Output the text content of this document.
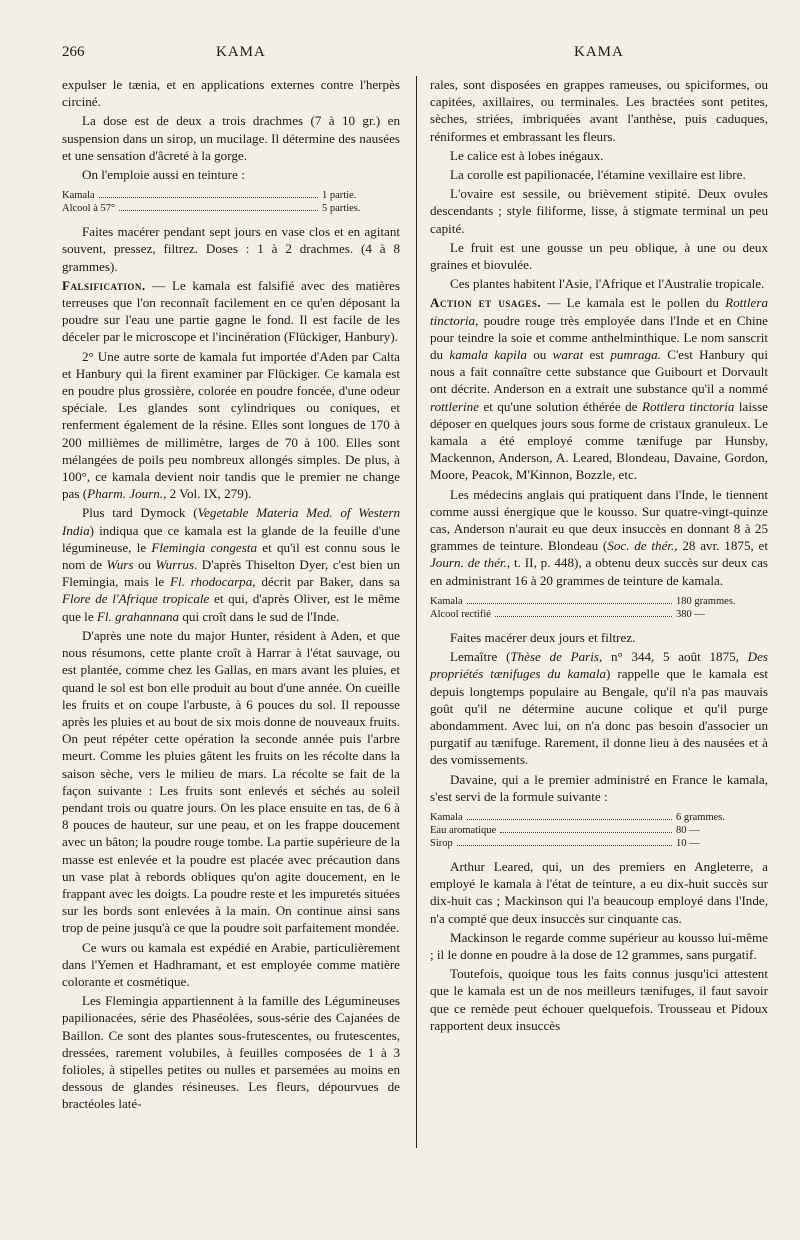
266	KAMA	KAMA

expulser le tænia, et en applications externes contre l'herpès circiné.

La dose est de deux a trois drachmes (7 à 10 gr.) en suspension dans un sirop, un mucilage. Il détermine des nausées et une sensation d'âcreté à la gorge.

On l'emploie aussi en teinture :

Kamala	1 partie.
Alcool à 57°	5 parties.

Faites macérer pendant sept jours en vase clos et en agitant souvent, pressez, filtrez. Doses : 1 à 2 drachmes. (4 à 8 grammes).

Falsification. — Le kamala est falsifié avec des matières terreuses que l'on reconnaît facilement en ce qu'en déposant la poudre sur l'eau une partie gagne le fond. Il est facile de les déceler par le microscope et l'incinération (Flückiger, Hanbury).

2° Une autre sorte de kamala fut importée d'Aden par Calta et Hanbury qui la firent examiner par Flückiger. Ce kamala est en poudre plus grossière, colorée en poudre foncée, d'une odeur spéciale. Les glandes sont cylindriques ou coniques, et renferment également de la résine. Elles sont longues de 170 à 200 millièmes de millimètre, larges de 70 à 100. Elles sont mélangées de poils peu nombreux allongés simples. De plus, à 100°, ce kamala devient noir tandis que le premier ne change pas (Pharm. Journ., 2 Vol. IX, 279).

Plus tard Dymock (Vegetable Materia Med. of Western India) indiqua que ce kamala est la glande de la feuille d'une légumineuse, le Flemingia congesta et qu'il est connu sous le nom de Wurs ou Wurrus. D'après Thiselton Dyer, c'est bien un Flemingia, mais le Fl. rhodocarpa, décrit par Baker, dans sa Flore de l'Afrique tropicale et qui, d'après Oliver, est le même que le Fl. grahannana qui croît dans le sud de l'Inde.

D'après une note du major Hunter, résident à Aden, et que nous résumons, cette plante croît à Harrar à l'état sauvage, ou est plantée, comme chez les Gallas, en mars avant les pluies, et quand le sol est bon elle produit au bout d'une année. On cueille les fruits et on coupe l'arbuste, à 6 pouces du sol. Il repousse après les pluies et au bout de six mois donne de nouveaux fruits. On peut répéter cette opération la seconde année puis l'arbre meurt. Comme les pluies gâtent les fruits on les récolte dans la saison sèche, vers le milieu de mars. La récolte se fait de la façon suivante : Les fruits sont enlevés et séchés au soleil pendant trois ou quatre jours. On les place ensuite en tas, de 6 à 8 pouces de hauteur, sur une peau, et on les frappe doucement avec un bâton; la poudre rouge tombe. La partie supérieure de la masse est enlevée et la poudre est placée avec précaution dans un vase plat à rebords obliques qu'on agite doucement, en le frappant avec les doigts. La poudre reste et les impuretés situées sur les bords sont enlevées à la main. On continue ainsi sans trop de peine jusqu'à ce que la poudre soit parfaitement mondée.

Ce wurs ou kamala est expédié en Arabie, particulièrement dans l'Yemen et Hadhramant, et est employée comme matière colorante et cosmétique.

Les Flemingia appartiennent à la famille des Légumineuses papilionacées, série des Phaséolées, sous-série des Cajanées de Baillon. Ce sont des plantes sous-frutescentes, ou frutescentes, dressées, rarement volubiles, à feuilles composées de 1 à 3 folioles, à stipelles petites ou nulles et parsemées au moins en dessous de glandes résineuses. Les fleurs, dépourvues de bractéoles laté-

rales, sont disposées en grappes rameuses, ou spiciformes, ou capitées, axillaires, ou terminales. Les bractées sont petites, sèches, striées, imbriquées avant l'anthèse, puis caduques, réniformes et embrassant les fleurs.

Le calice est à lobes inégaux.

La corolle est papilionacée, l'étamine vexillaire est libre.

L'ovaire est sessile, ou brièvement stipité. Deux ovules descendants ; style filiforme, lisse, à stigmate terminal un peu capité.

Le fruit est une gousse un peu oblique, à une ou deux graines et biovulée.

Ces plantes habitent l'Asie, l'Afrique et l'Australie tropicale.

Action et usages. — Le kamala est le pollen du Rottlera tinctoria, poudre rouge très employée dans l'Inde et en Chine pour teindre la soie et comme anthelminthique. Le nom sanscrit du kamala kapila ou warat est pumraga. C'est Hanbury qui nous a fait connaître cette substance que Guibourt et Dorvault ont décrite. Anderson en a extrait une substance qu'il a nommé rottlerine et qu'une solution éthérée de Rottlera tinctoria laisse déposer en quelques jours sous forme de cristaux granuleux. Le kamala a été employé comme tænifuge par Hunsby, Mackennon, Anderson, A. Leared, Blondeau, Davaine, Gordon, Moore, Peacok, M'Kinnon, Bozzle, etc.

Les médecins anglais qui pratiquent dans l'Inde, le tiennent comme aussi énergique que le kousso. Sur quatre-vingt-quinze cas, Anderson n'aurait eu que deux insuccès en donnant 8 à 25 grammes de teinture. Blondeau (Soc. de thér., 28 avr. 1875, et Journ. de thér., t. II, p. 448), a obtenu deux succès sur deux cas en administrant 16 à 20 grammes de teinture de kamala.

Kamala	180 grammes.
Alcool rectifié	380 —

Faites macérer deux jours et filtrez.

Lemaître (Thèse de Paris, n° 344, 5 août 1875, Des propriétés tænifuges du kamala) rappelle que le kamala est depuis longtemps populaire au Bengale, qu'il n'a pas mauvais goût qu'il ne détermine aucune colique et qu'il purge abondamment. Avec lui, on n'a donc pas besoin d'associer un purgatif au tænifuge. Rarement, il donne lieu à des nausées et à des vomissements.

Davaine, qui a le premier administré en France le kamala, s'est servi de la formule suivante :

Kamala	6 grammes.
Eau aromatique	80 —
Sirop	10 —

Arthur Leared, qui, un des premiers en Angleterre, a employé le kamala à l'état de teinture, a eu dix-huit succès sur dix-huit cas ; Mackinson qui l'a beaucoup employé dans l'Inde, n'a compté que deux insuccès sur cinquante cas.

Mackinson le regarde comme supérieur au kousso lui-même ; il le donne en poudre à la dose de 12 grammes, sans purgatif.

Toutefois, quoique tous les faits connus jusqu'ici attestent que le kamala est un de nos meilleurs tænifuges, il faut savoir que ce remède peut échouer quelquefois. Trousseau et Pidoux rapportent deux insuccès
